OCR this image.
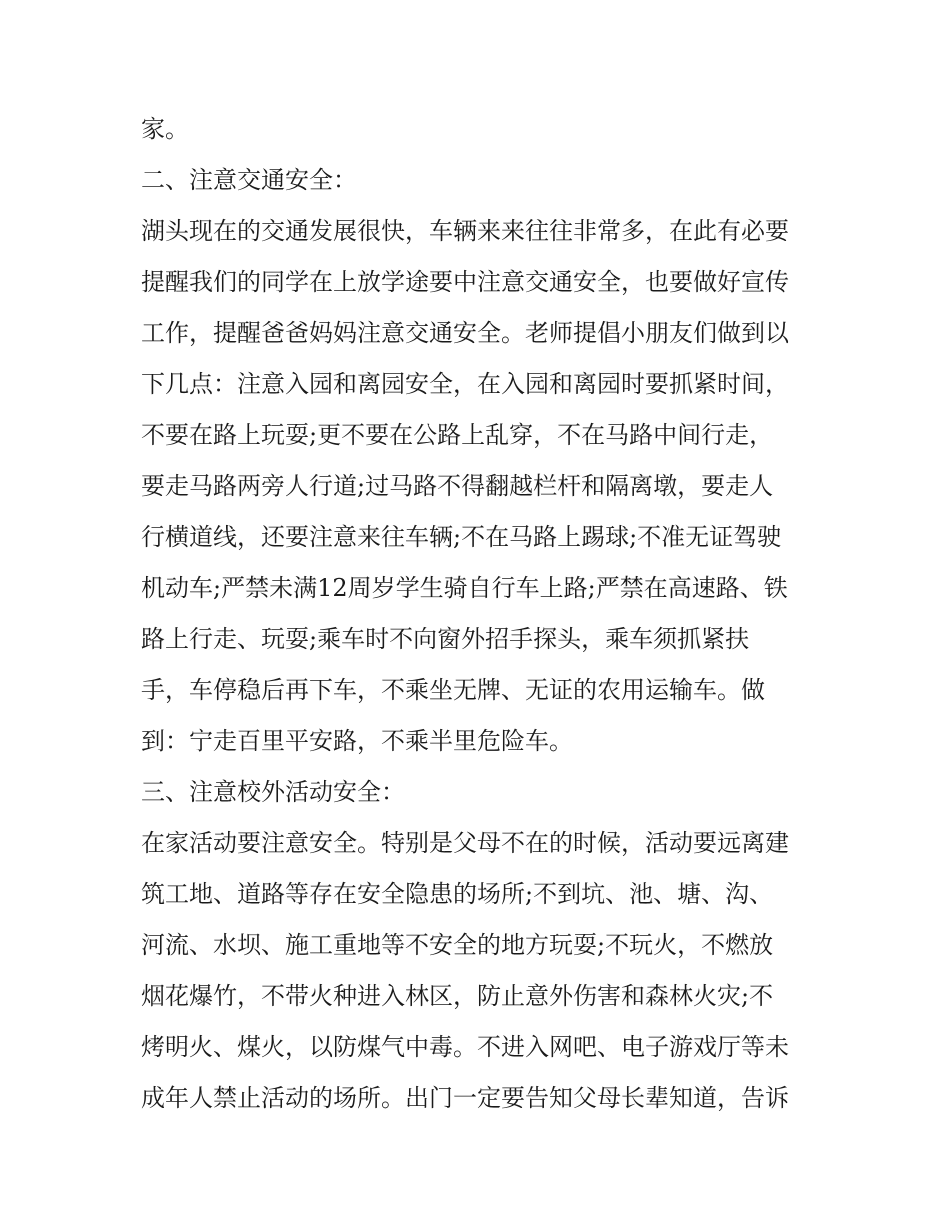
家。

二、注意交通安全：

湖头现在的交通发展很快，车辆来来往往非常多，在此有必要

提醒我们的同学在上放学途要中注意交通安全，也要做好宣传

工作，提醒爸爸妈妈注意交通安全。老师提倡小朋友们做到以

下几点：注意入园和离园安全，在入园和离园时要抓紧时间，

不要在路上玩耍;更不要在公路上乱穿，不在马路中间行走，

要走马路两旁人行道;过马路不得翻越栏杆和隔离墩，要走人

行横道线，还要注意来往车辆;不在马路上踢球;不准无证驾驶

机动车;严禁未满12周岁学生骑自行车上路;严禁在高速路、铁

路上行走、玩耍;乘车时不向窗外招手探头，乘车须抓紧扶

手，车停稳后再下车，不乘坐无牌、无证的农用运输车。做

到：宁走百里平安路，不乘半里危险车。

三、注意校外活动安全：

在家活动要注意安全。特别是父母不在的时候，活动要远离建

筑工地、道路等存在安全隐患的场所;不到坑、池、塘、沟、

河流、水坝、施工重地等不安全的地方玩耍;不玩火，不燃放

烟花爆竹，不带火种进入林区，防止意外伤害和森林火灾;不

烤明火、煤火，以防煤气中毒。不进入网吧、电子游戏厅等未

成年人禁止活动的场所。出门一定要告知父母长辈知道，告诉
